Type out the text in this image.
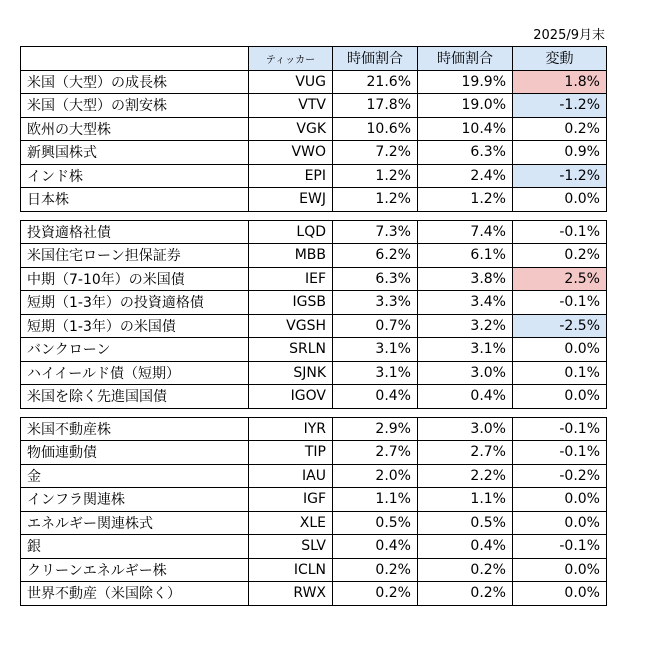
2025/9月末
	ティッカー	時価割合	時価割合	変動
米国（大型）の成長株	VUG	21.6%	19.9%	1.8%
米国（大型）の割安株	VTV	17.8%	19.0%	-1.2%
欧州の大型株	VGK	10.6%	10.4%	0.2%
新興国株式	VWO	7.2%	6.3%	0.9%
インド株	EPI	1.2%	2.4%	-1.2%
日本株	EWJ	1.2%	1.2%	0.0%

投資適格社債	LQD	7.3%	7.4%	-0.1%
米国住宅ローン担保証券	MBB	6.2%	6.1%	0.2%
中期（7-10年）の米国債	IEF	6.3%	3.8%	2.5%
短期（1-3年）の投資適格債	IGSB	3.3%	3.4%	-0.1%
短期（1-3年）の米国債	VGSH	0.7%	3.2%	-2.5%
バンクローン	SRLN	3.1%	3.1%	0.0%
ハイイールド債（短期）	SJNK	3.1%	3.0%	0.1%
米国を除く先進国国債	IGOV	0.4%	0.4%	0.0%

米国不動産株	IYR	2.9%	3.0%	-0.1%
物価連動債	TIP	2.7%	2.7%	-0.1%
金	IAU	2.0%	2.2%	-0.2%
インフラ関連株	IGF	1.1%	1.1%	0.0%
エネルギー関連株式	XLE	0.5%	0.5%	0.0%
銀	SLV	0.4%	0.4%	-0.1%
クリーンエネルギー株	ICLN	0.2%	0.2%	0.0%
世界不動産（米国除く）	RWX	0.2%	0.2%	0.0%
